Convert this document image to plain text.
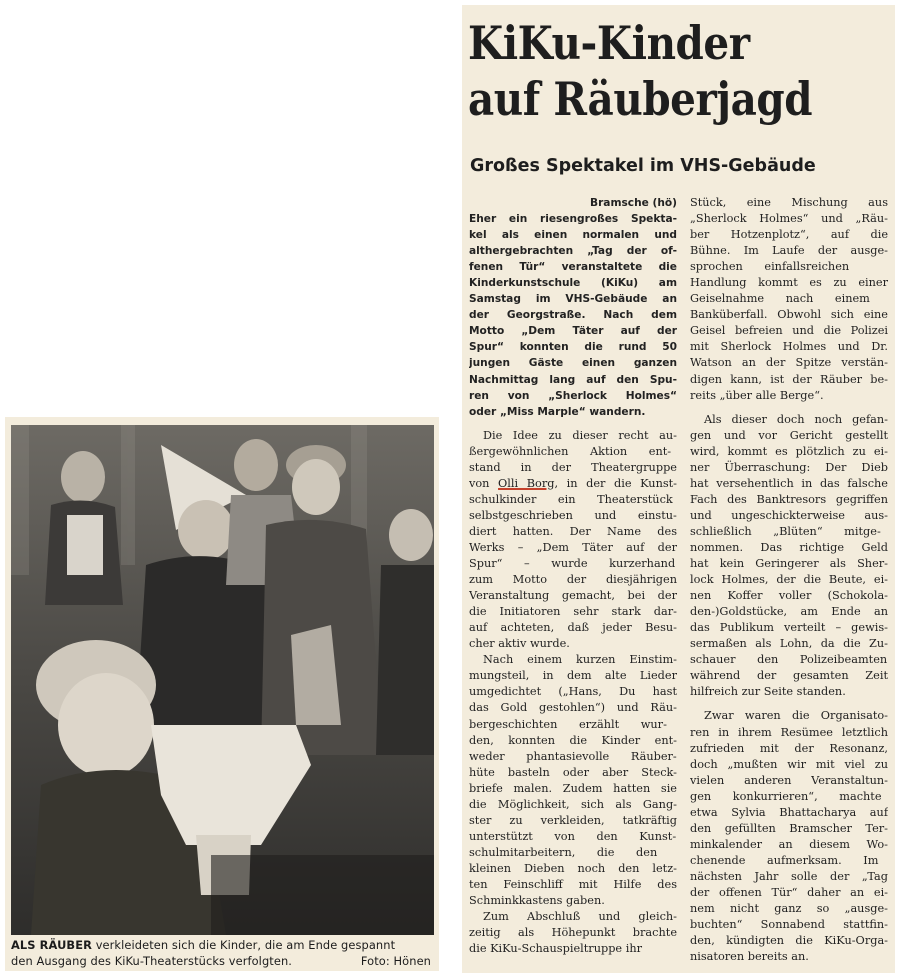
ALS RÄUBER verkleideten sich die Kinder, die am Ende gespannt
den Ausgang des KiKu-Theaterstücks verfolgten.	Foto: Hönen
KiKu-Kinder
auf Räuberjagd
Großes Spektakel im VHS-Gebäude
Bramsche (hö)
Eher ein riesengroßes Spekta-
kel als einen normalen und
althergebrachten „Tag der of-
fenen Tür“ veranstaltete die
Kinderkunstschule (KiKu) am
Samstag im VHS-Gebäude an
der Georgstraße. Nach dem
Motto „Dem Täter auf der
Spur“ konnten die rund 50
jungen Gäste einen ganzen
Nachmittag lang auf den Spu-
ren von „Sherlock Holmes“
oder „Miss Marple“ wandern.
Die Idee zu dieser recht au-
ßergewöhnlichen Aktion ent-
stand in der Theatergruppe
von Olli Borg, in der die Kunst-
schulkinder ein Theaterstück
selbstgeschrieben und einstu-
diert hatten. Der Name des
Werks – „Dem Täter auf der
Spur“ – wurde kurzerhand
zum Motto der diesjährigen
Veranstaltung gemacht, bei der
die Initiatoren sehr stark dar-
auf achteten, daß jeder Besu-
cher aktiv wurde.
Nach einem kurzen Einstim-
mungsteil, in dem alte Lieder
umgedichtet („Hans, Du hast
das Gold gestohlen“) und Räu-
bergeschichten erzählt wur-
den, konnten die Kinder ent-
weder phantasievolle Räuber-
hüte basteln oder aber Steck-
briefe malen. Zudem hatten sie
die Möglichkeit, sich als Gang-
ster zu verkleiden, tatkräftig
unterstützt von den Kunst-
schulmitarbeitern, die den
kleinen Dieben noch den letz-
ten Feinschliff mit Hilfe des
Schminkkastens gaben.
Zum Abschluß und gleich-
zeitig als Höhepunkt brachte
die KiKu-Schauspieltruppe ihr
Stück, eine Mischung aus
„Sherlock Holmes“ und „Räu-
ber Hotzenplotz“, auf die
Bühne. Im Laufe der ausge-
sprochen einfallsreichen
Handlung kommt es zu einer
Geiselnahme nach einem
Banküberfall. Obwohl sich eine
Geisel befreien und die Polizei
mit Sherlock Holmes und Dr.
Watson an der Spitze verstän-
digen kann, ist der Räuber be-
reits „über alle Berge“.
Als dieser doch noch gefan-
gen und vor Gericht gestellt
wird, kommt es plötzlich zu ei-
ner Überraschung: Der Dieb
hat versehentlich in das falsche
Fach des Banktresors gegriffen
und ungeschickterweise aus-
schließlich „Blüten“ mitge-
nommen. Das richtige Geld
hat kein Geringerer als Sher-
lock Holmes, der die Beute, ei-
nen Koffer voller (Schokola-
den-)Goldstücke, am Ende an
das Publikum verteilt – gewis-
sermaßen als Lohn, da die Zu-
schauer den Polizeibeamten
während der gesamten Zeit
hilfreich zur Seite standen.
Zwar waren die Organisato-
ren in ihrem Resümee letztlich
zufrieden mit der Resonanz,
doch „mußten wir mit viel zu
vielen anderen Veranstaltun-
gen konkurrieren“, machte
etwa Sylvia Bhattacharya auf
den gefüllten Bramscher Ter-
minkalender an diesem Wo-
chenende aufmerksam. Im
nächsten Jahr solle der „Tag
der offenen Tür“ daher an ei-
nem nicht ganz so „ausge-
buchten“ Sonnabend stattfin-
den, kündigten die KiKu-Orga-
nisatoren bereits an.
